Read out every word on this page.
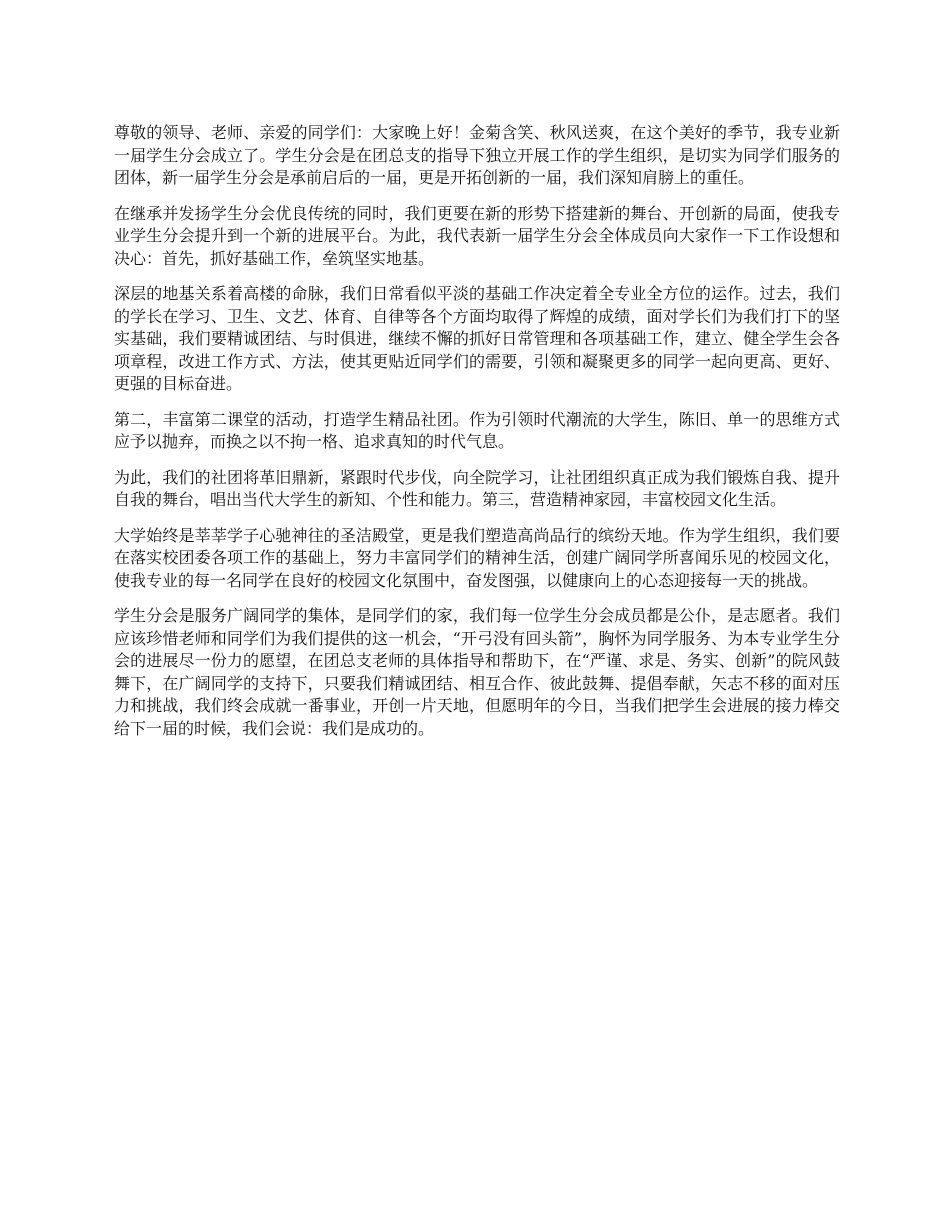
尊敬的领导、老师、亲爱的同学们：大家晚上好！金菊含笑、秋风送爽，在这个美好的季节，我专业新一届学生分会成立了。学生分会是在团总支的指导下独立开展工作的学生组织，是切实为同学们服务的团体，新一届学生分会是承前启后的一届，更是开拓创新的一届，我们深知肩膀上的重任。

在继承并发扬学生分会优良传统的同时，我们更要在新的形势下搭建新的舞台、开创新的局面，使我专业学生分会提升到一个新的进展平台。为此，我代表新一届学生分会全体成员向大家作一下工作设想和决心：首先，抓好基础工作，垒筑坚实地基。

深层的地基关系着高楼的命脉，我们日常看似平淡的基础工作决定着全专业全方位的运作。过去，我们的学长在学习、卫生、文艺、体育、自律等各个方面均取得了辉煌的成绩，面对学长们为我们打下的坚实基础，我们要精诚团结、与时俱进，继续不懈的抓好日常管理和各项基础工作，建立、健全学生会各项章程，改进工作方式、方法，使其更贴近同学们的需要，引领和凝聚更多的同学一起向更高、更好、更强的目标奋进。

第二，丰富第二课堂的活动，打造学生精品社团。作为引领时代潮流的大学生，陈旧、单一的思维方式应予以抛弃，而换之以不拘一格、追求真知的时代气息。

为此，我们的社团将革旧鼎新，紧跟时代步伐，向全院学习，让社团组织真正成为我们锻炼自我、提升自我的舞台，唱出当代大学生的新知、个性和能力。第三，营造精神家园，丰富校园文化生活。

大学始终是莘莘学子心驰神往的圣洁殿堂，更是我们塑造高尚品行的缤纷天地。作为学生组织，我们要在落实校团委各项工作的基础上，努力丰富同学们的精神生活，创建广阔同学所喜闻乐见的校园文化，使我专业的每一名同学在良好的校园文化氛围中，奋发图强，以健康向上的心态迎接每一天的挑战。

学生分会是服务广阔同学的集体，是同学们的家，我们每一位学生分会成员都是公仆，是志愿者。我们应该珍惜老师和同学们为我们提供的这一机会，“开弓没有回头箭”，胸怀为同学服务、为本专业学生分会的进展尽一份力的愿望，在团总支老师的具体指导和帮助下，在“严谨、求是、务实、创新”的院风鼓舞下，在广阔同学的支持下，只要我们精诚团结、相互合作、彼此鼓舞、提倡奉献，矢志不移的面对压力和挑战，我们终会成就一番事业，开创一片天地，但愿明年的今日，当我们把学生会进展的接力棒交给下一届的时候，我们会说：我们是成功的。
